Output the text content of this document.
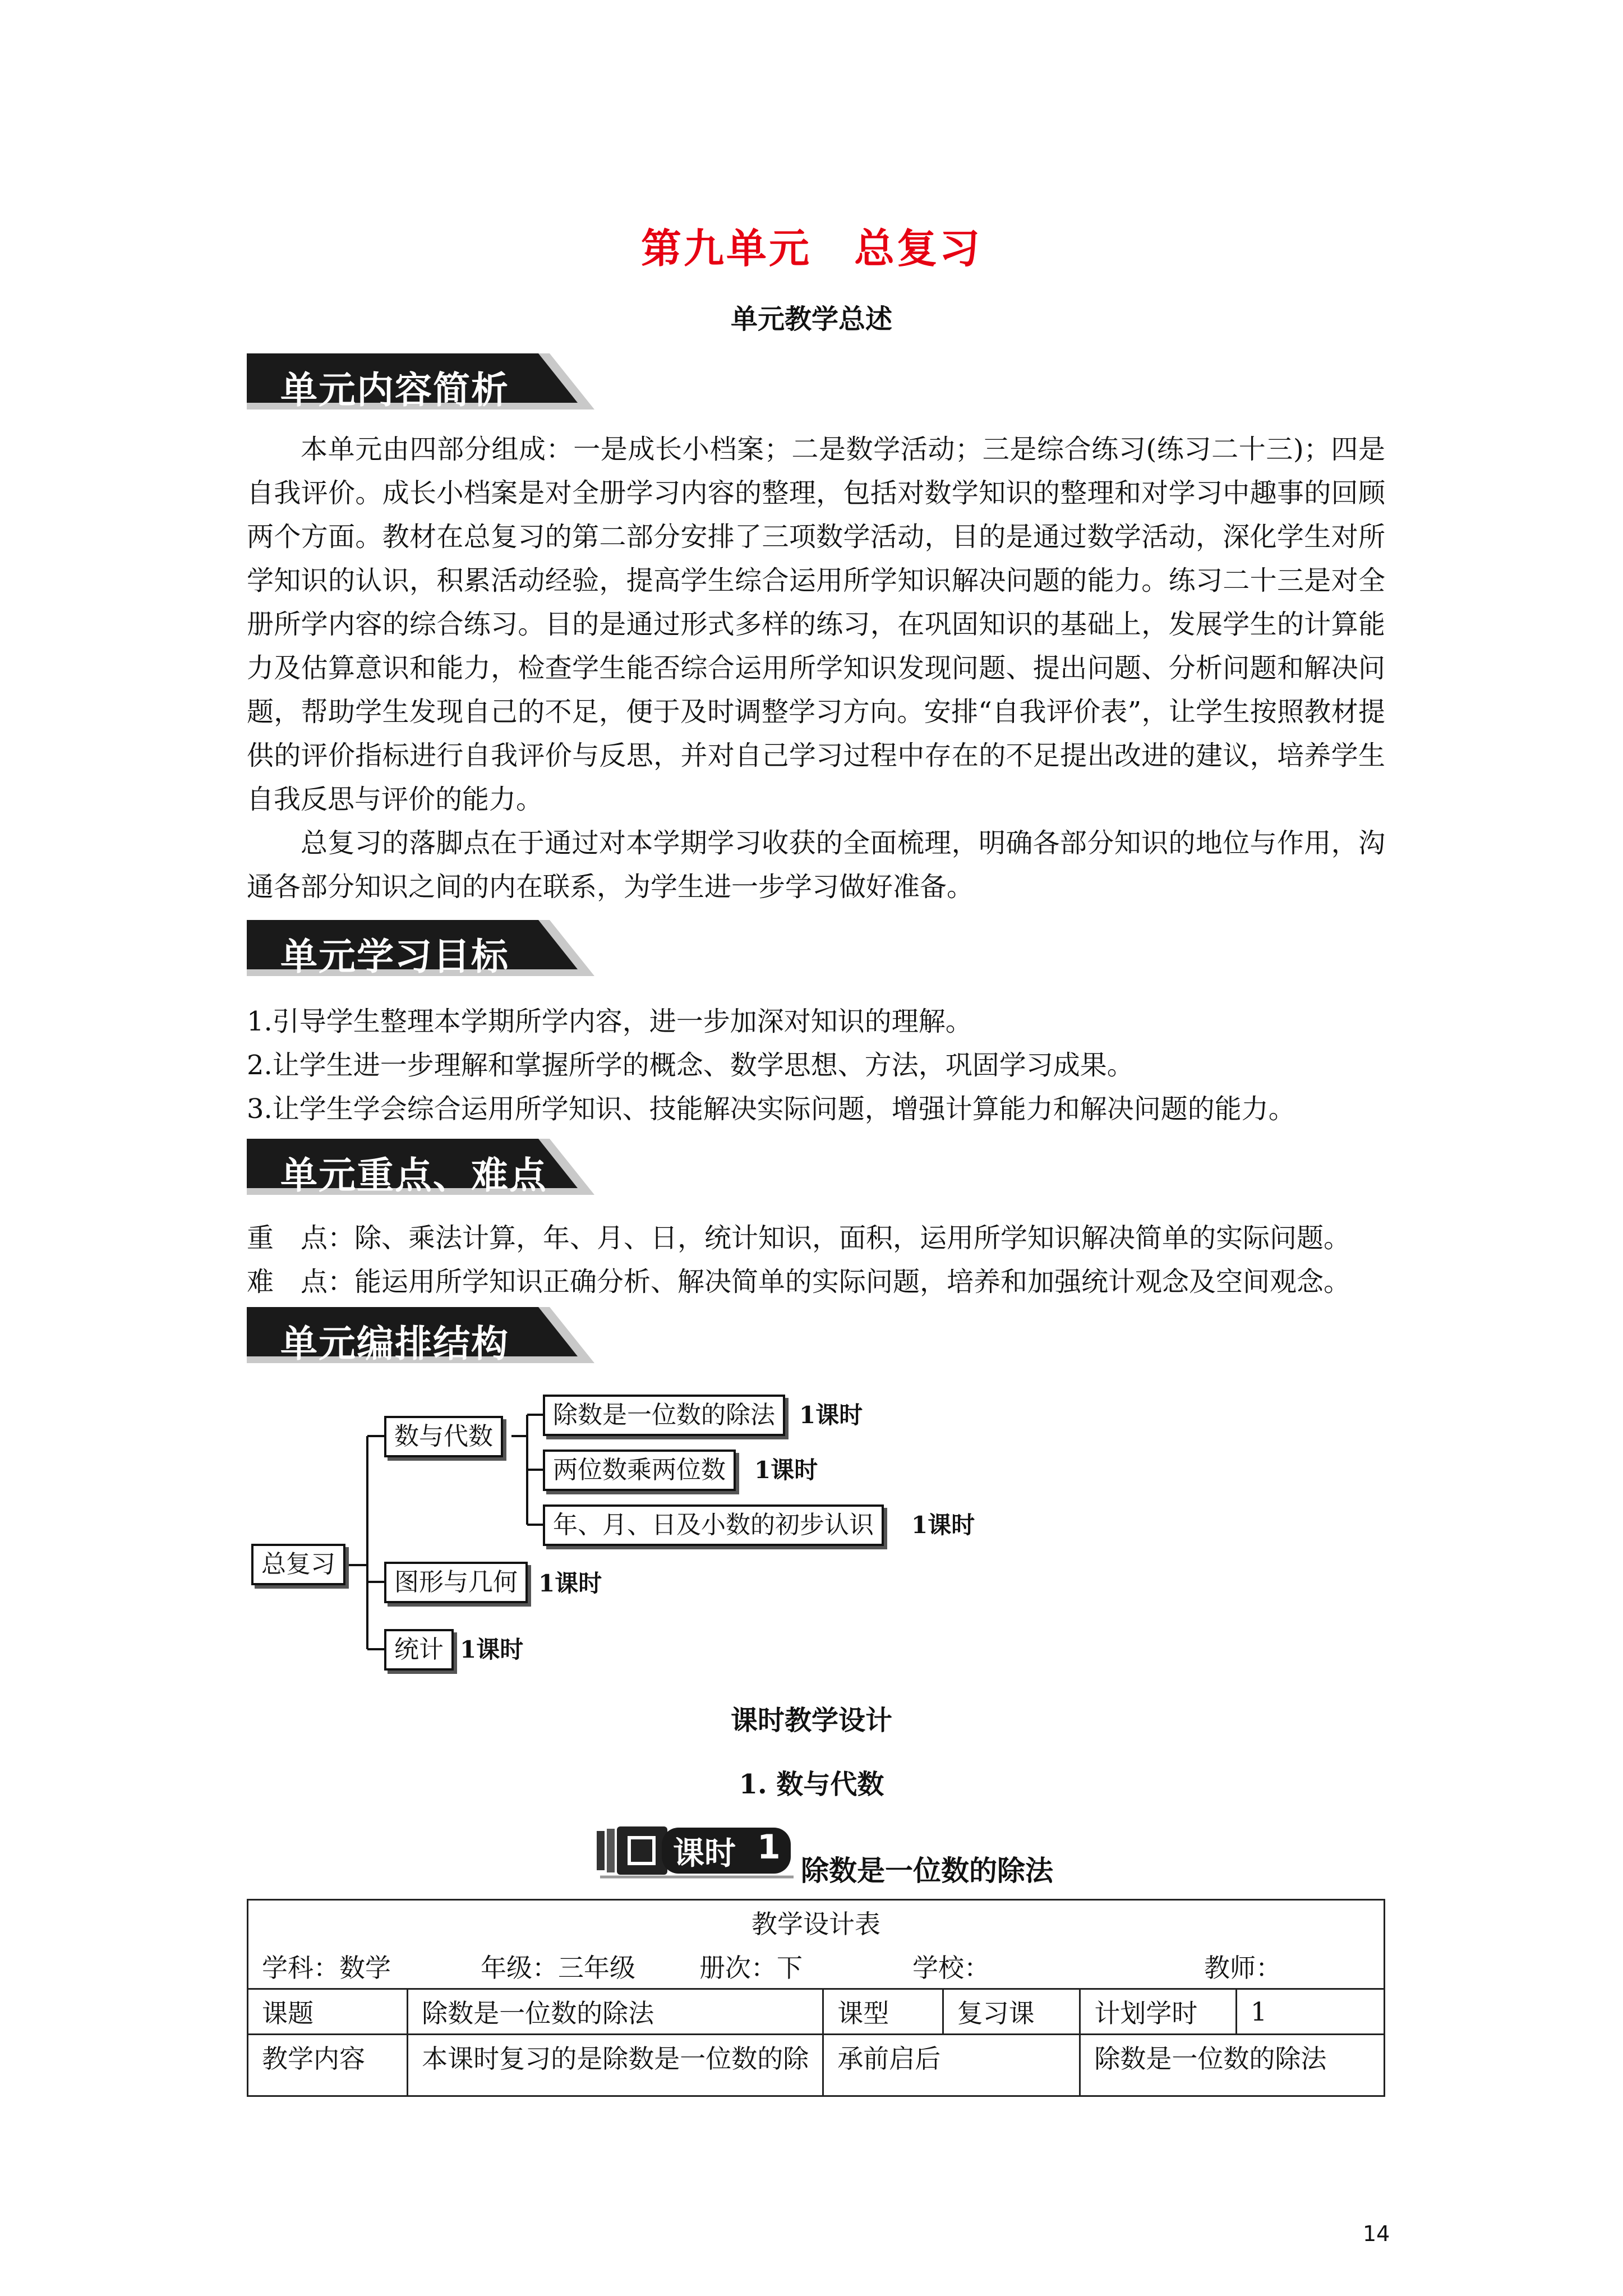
第九单元　总复习
单元教学总述
单元内容简析

本单元由四部分组成：一是成长小档案；二是数学活动；三是综合练习(练习二十三)；四是自我评价。成长小档案是对全册学习内容的整理，包括对数学知识的整理和对学习中趣事的回顾两个方面。教材在总复习的第二部分安排了三项数学活动，目的是通过数学活动，深化学生对所学知识的认识，积累活动经验，提高学生综合运用所学知识解决问题的能力。练习二十三是对全册所学内容的综合练习。目的是通过形式多样的练习，在巩固知识的基础上，发展学生的计算能力及估算意识和能力，检查学生能否综合运用所学知识发现问题、提出问题、分析问题和解决问题，帮助学生发现自己的不足，便于及时调整学习方向。安排“自我评价表”，让学生按照教材提供的评价指标进行自我评价与反思，并对自己学习过程中存在的不足提出改进的建议，培养学生自我反思与评价的能力。

总复习的落脚点在于通过对本学期学习收获的全面梳理，明确各部分知识的地位与作用，沟通各部分知识之间的内在联系，为学生进一步学习做好准备。

单元学习目标
1.引导学生整理本学期所学内容，进一步加深对知识的理解。
2.让学生进一步理解和掌握所学的概念、数学思想、方法，巩固学习成果。
3.让学生学会综合运用所学知识、技能解决实际问题，增强计算能力和解决问题的能力。
单元重点、难点
重　点：除、乘法计算，年、月、日，统计知识，面积，运用所学知识解决简单的实际问题。
难　点：能运用所学知识正确分析、解决简单的实际问题，培养和加强统计观念及空间观念。
单元编排结构
总复习
数与代数
除数是一位数的除法	1课时
两位数乘两位数	1课时
年、月、日及小数的初步认识	1课时
图形与几何 1课时
统计 1课时
课时教学设计
1. 数与代数
课时 1
除数是一位数的除法
教学设计表					
学科：数学 年级：三年级 册次：下 学校： 教师：					
课题	除数是一位数的除法	课型	复习课	计划学时	1
教学内容	本课时复习的是除数是一位数的除	承前启后		除数是一位数的除法	
14
